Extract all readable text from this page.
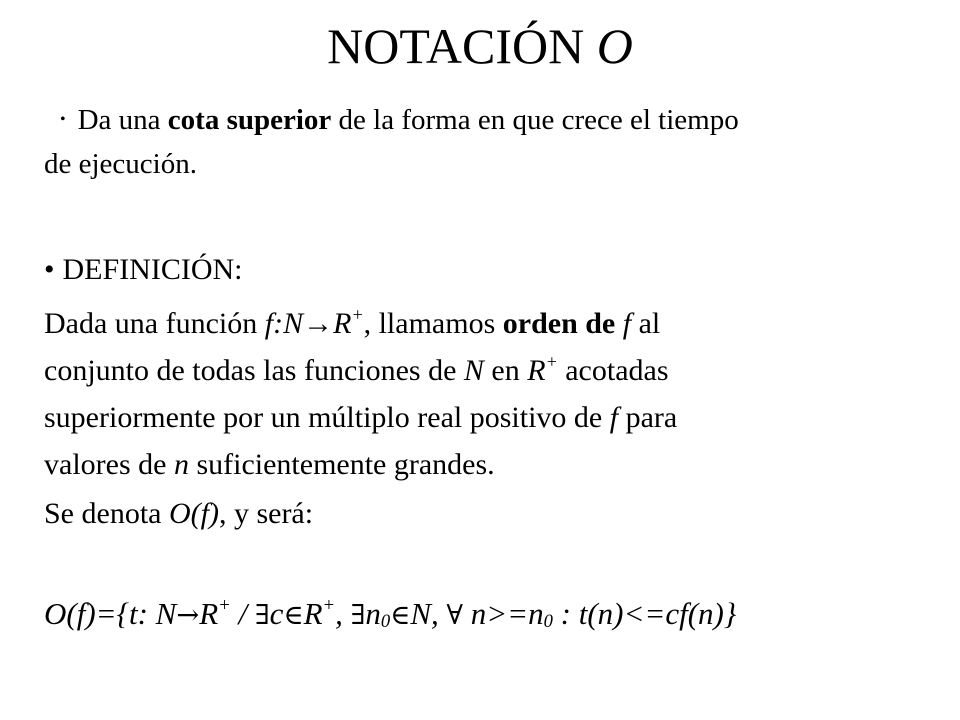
NOTACIÓN O

• Da una cota superior de la forma en que crece el tiempo
de ejecución.

• DEFINICIÓN:

Dada una función f:N→R+, llamamos orden de f al
conjunto de todas las funciones de N en R+ acotadas
superiormente por un múltiplo real positivo de f para
valores de n suficientemente grandes.

Se denota O(f), y será:

O(f)={t: N→R+ / ∃c∈R+, $\exists n_0\in N$, ∀ $n>=n_0$ : t(n)<=cf(n)}
